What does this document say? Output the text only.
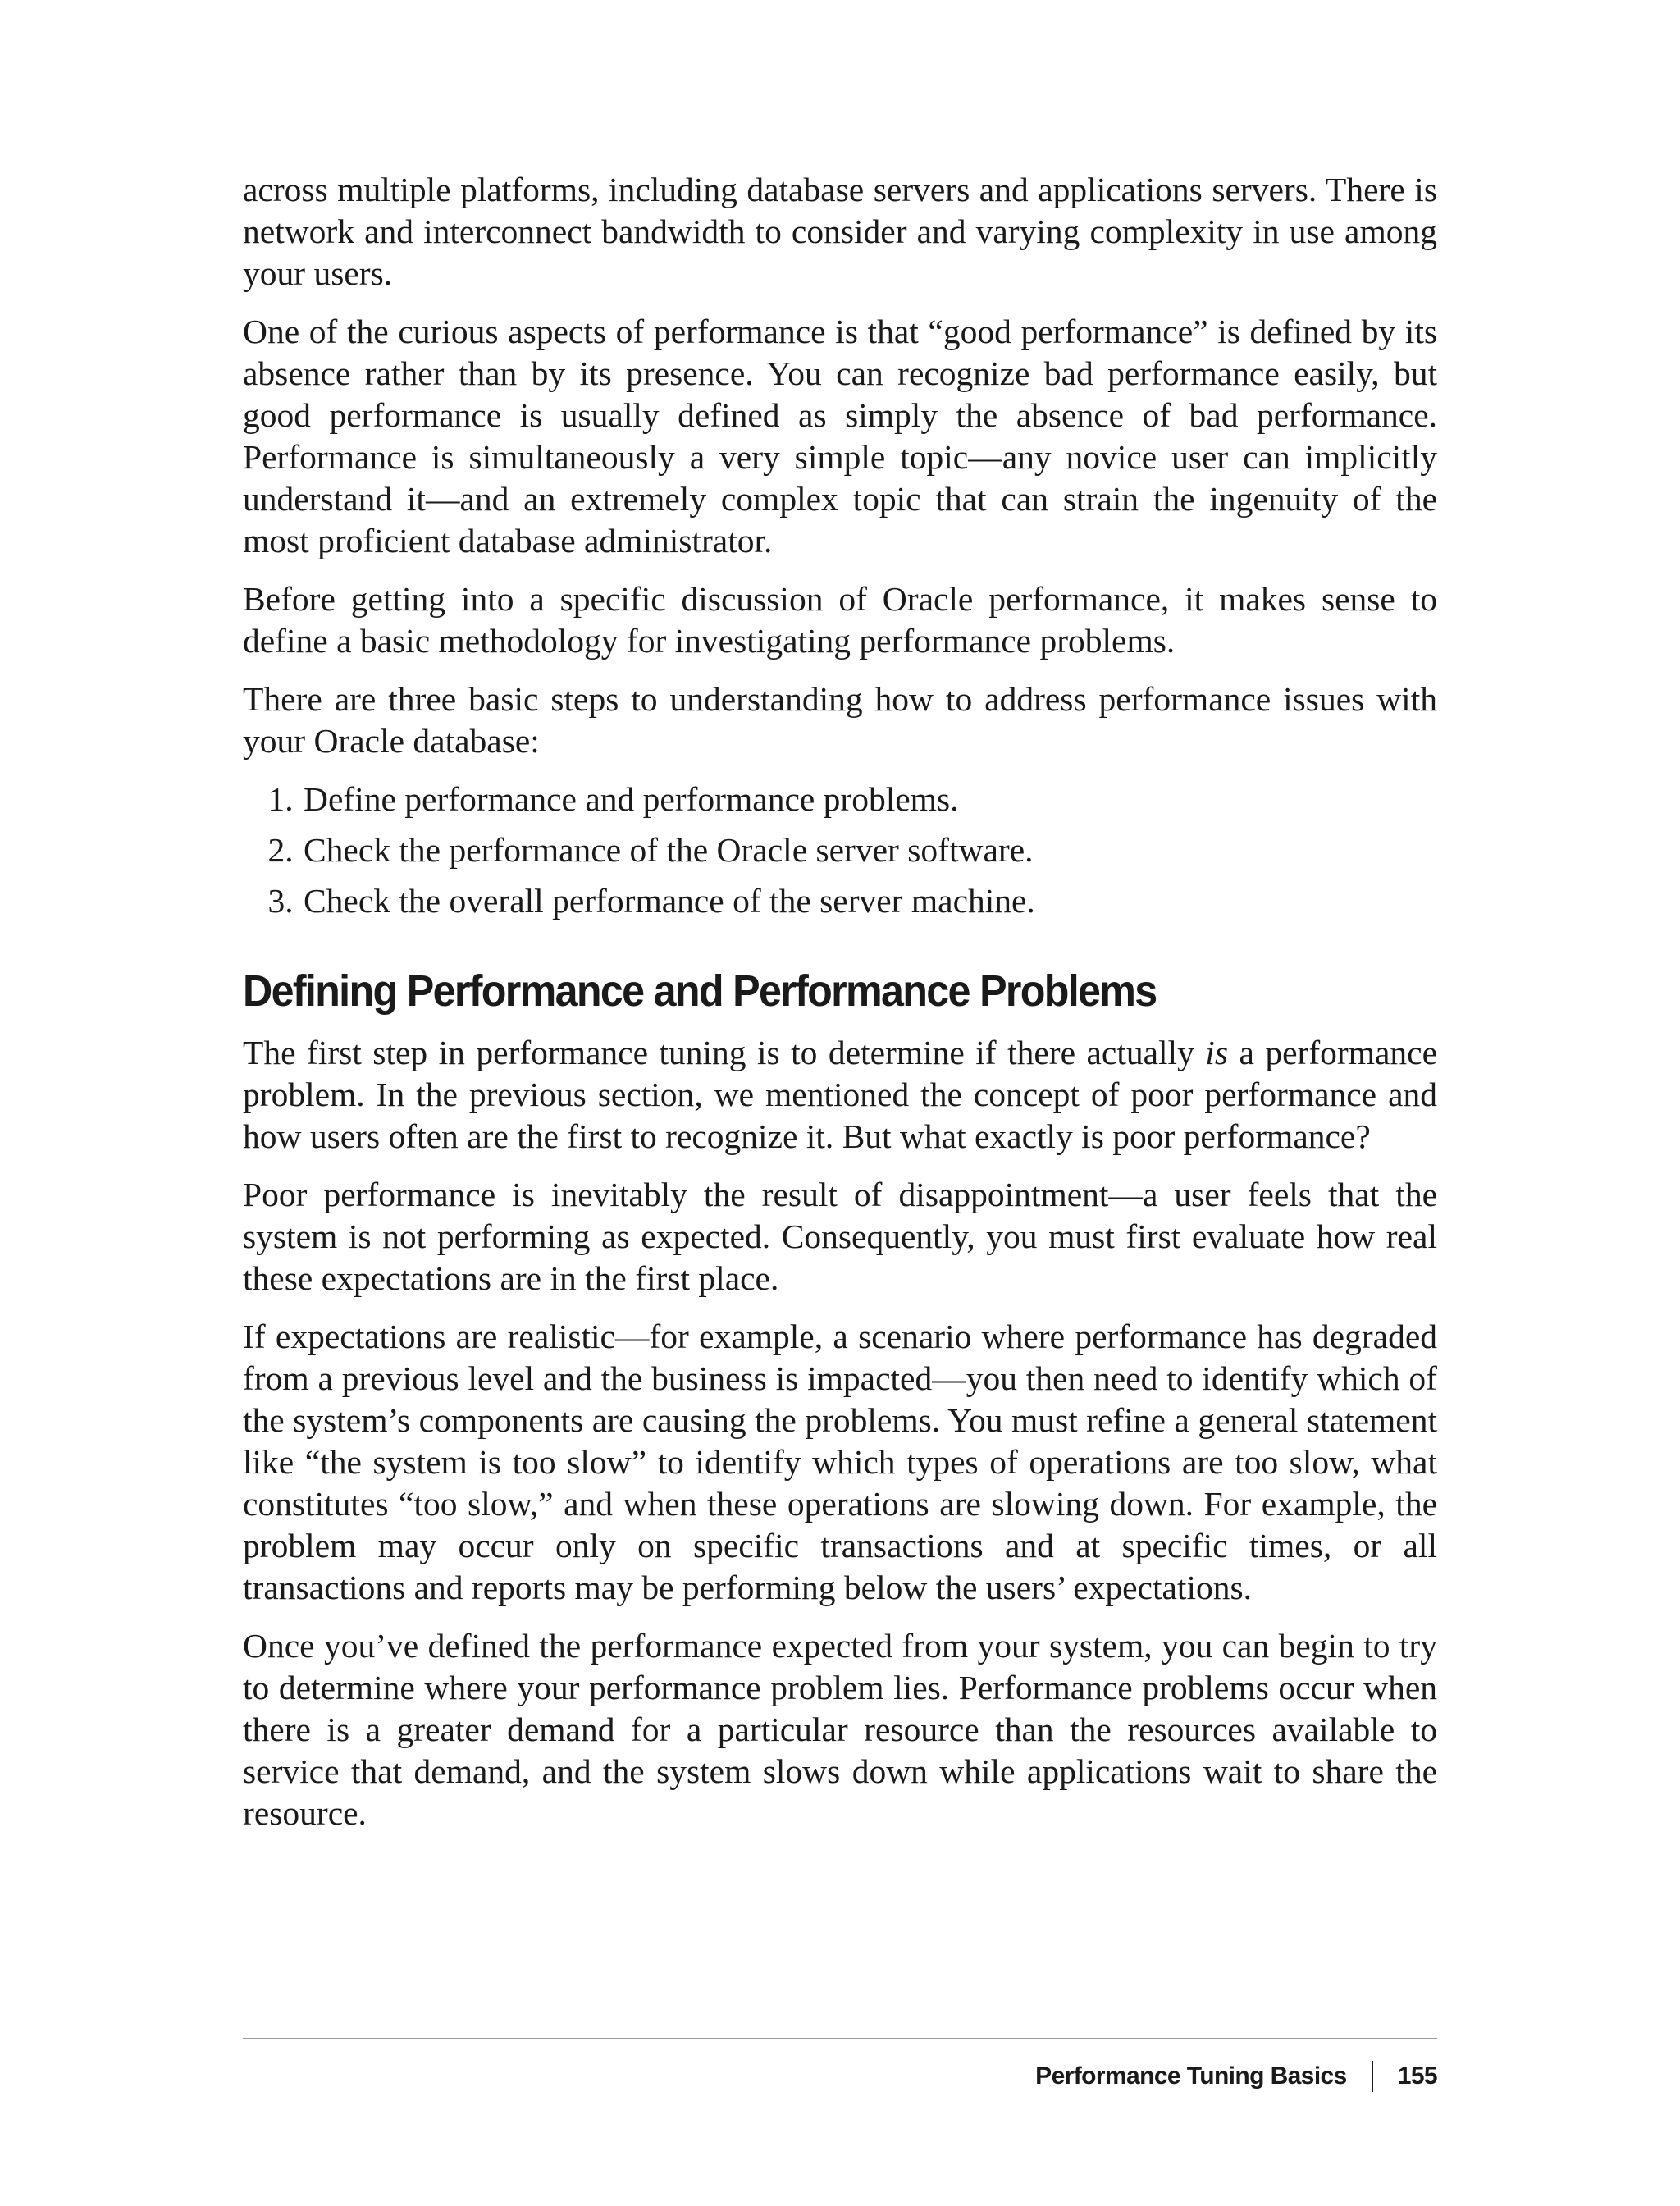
across multiple platforms, including database servers and applications servers. There is network and interconnect bandwidth to consider and varying complexity in use among your users.

One of the curious aspects of performance is that “good performance” is defined by its absence rather than by its presence. You can recognize bad performance easily, but good performance is usually defined as simply the absence of bad performance. Performance is simultaneously a very simple topic—any novice user can implicitly understand it—and an extremely complex topic that can strain the ingenuity of the most proficient database administrator.

Before getting into a specific discussion of Oracle performance, it makes sense to define a basic methodology for investigating performance problems.

There are three basic steps to understanding how to address performance issues with your Oracle database:

1. Define performance and performance problems.
2. Check the performance of the Oracle server software.
3. Check the overall performance of the server machine.
Defining Performance and Performance Problems

The first step in performance tuning is to determine if there actually is a performance problem. In the previous section, we mentioned the concept of poor performance and how users often are the first to recognize it. But what exactly is poor performance?

Poor performance is inevitably the result of disappointment—a user feels that the system is not performing as expected. Consequently, you must first evaluate how real these expectations are in the first place.

If expectations are realistic—for example, a scenario where performance has degraded from a previous level and the business is impacted—you then need to identify which of the system’s components are causing the problems. You must refine a general statement like “the system is too slow” to identify which types of operations are too slow, what constitutes “too slow,” and when these operations are slowing down. For example, the problem may occur only on specific transactions and at specific times, or all transactions and reports may be performing below the users’ expectations.

Once you’ve defined the performance expected from your system, you can begin to try to determine where your performance problem lies. Performance problems occur when there is a greater demand for a particular resource than the resources available to service that demand, and the system slows down while applications wait to share the resource.

Performance Tuning Basics 155
